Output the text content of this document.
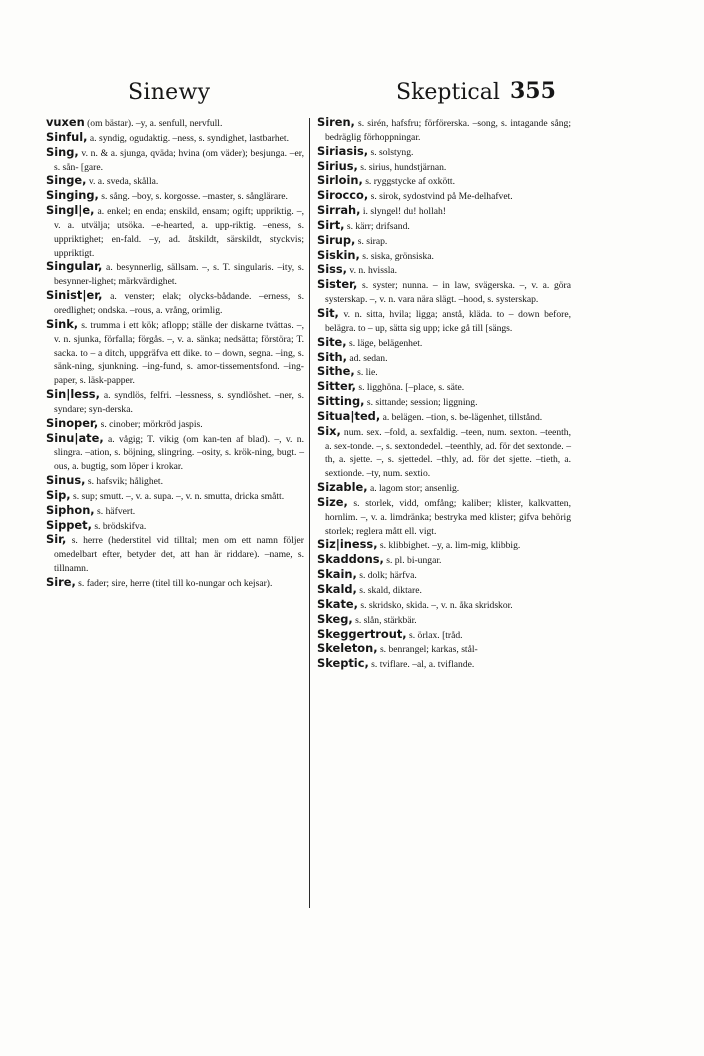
Sinewy	Skeptical 355
vuxen (om bästar). –y, a. senfull, nervfull.
Sinful, a. syndig, ogudaktig. –ness, s. syndighet, lastbarhet.
Sing, v. n. & a. sjunga, qväda; hvina (om väder); besjunga. –er, s. sån- [gare.
Singe, v. a. sveda, skålla.
Singing, s. sång. –boy, s. korgosse. –master, s. sånglärare.
Singl|e, a. enkel; en enda; enskild, ensam; ogift; uppriktig. –, v. a. utvälja; utsöka. –e-hearted, a. upp-riktig. –eness, s. uppriktighet; en-fald. –y, ad. åtskildt, särskildt, styckvis; uppriktigt.
Singular, a. besynnerlig, sällsam. –, s. T. singularis. –ity, s. besynner-lighet; märkvärdighet.
Sinist|er, a. venster; elak; olycks-bådande. –erness, s. oredlighet; ondska. –rous, a. vrång, orimlig.
Sink, s. trumma i ett kök; aflopp; ställe der diskarne tvättas. –, v. n. sjunka, förfalla; förgås. –, v. a. sänka; nedsätta; förstöra; T. sacka. to – a ditch, uppgräfva ett dike. to – down, segna. –ing, s. sänk-ning, sjunkning. –ing-fund, s. amor-tissementsfond. –ing-paper, s. läsk-papper.
Sin|less, a. syndlös, felfri. –lessness, s. syndlöshet. –ner, s. syndare; syn-derska.
Sinoper, s. cinober; mörkröd jaspis.
Sinu|ate, a. vågig; T. vikig (om kan-ten af blad). –, v. n. slingra. –ation, s. böjning, slingring. –osity, s. krök-ning, bugt. –ous, a. bugtig, som löper i krokar.
Sinus, s. hafsvik; hålighet.
Sip, s. sup; smutt. –, v. a. supa. –, v. n. smutta, dricka smått.
Siphon, s. häfvert.
Sippet, s. brödskifva.
Sir, s. herre (hederstitel vid tilltal; men om ett namn följer omedelbart efter, betyder det, att han är riddare). –name, s. tillnamn.
Sire, s. fader; sire, herre (titel till ko-nungar och kejsar).
Siren, s. sirén, hafsfru; förförerska. –song, s. intagande sång; bedräglig förhoppningar.
Siriasis, s. solstyng.
Sirius, s. sirius, hundstjärnan.
Sirloin, s. ryggstycke af oxkött.
Sirocco, s. sirok, sydostvind på Me-delhafvet.
Sirrah, i. slyngel! du! hollah!
Sirt, s. kärr; drifsand.
Sirup, s. sirap.
Siskin, s. siska, grönsiska.
Siss, v. n. hvissla.
Sister, s. syster; nunna. – in law, svägerska. –, v. a. göra systerskap. –, v. n. vara nära slägt. –hood, s. systerskap.
Sit, v. n. sitta, hvila; ligga; anstå, kläda. to – down before, belägra. to – up, sätta sig upp; icke gå till [sängs.
Site, s. läge, belägenhet.
Sith, ad. sedan.
Sithe, s. lie.
Sitter, s. ligghöna. [–place, s. säte.
Sitting, s. sittande; session; liggning.
Situa|ted, a. belägen. –tion, s. be-lägenhet, tillstånd.
Six, num. sex. –fold, a. sexfaldig. –teen, num. sexton. –teenth, a. sex-tonde. –, s. sextondedel. –teenthly, ad. för det sextonde. –th, a. sjette. –, s. sjettedel. –thly, ad. för det sjette. –tieth, a. sextionde. –ty, num. sextio.
Sizable, a. lagom stor; ansenlig.
Size, s. storlek, vidd, omfång; kaliber; klister, kalkvatten, hornlim. –, v. a. limdränka; bestryka med klister; gifva behörig storlek; reglera mått ell. vigt.
Siz|iness, s. klibbighet. –y, a. lim-mig, klibbig.
Skaddons, s. pl. bi-ungar.
Skain, s. dolk; härfva.
Skald, s. skald, diktare.
Skate, s. skridsko, skida. –, v. n. åka skridskor.
Skeg, s. slån, stärkbär.
Skeggertrout, s. örlax. [tråd.
Skeleton, s. benrangel; karkas, stål-
Skeptic, s. tviflare. –al, a. tviflande.
